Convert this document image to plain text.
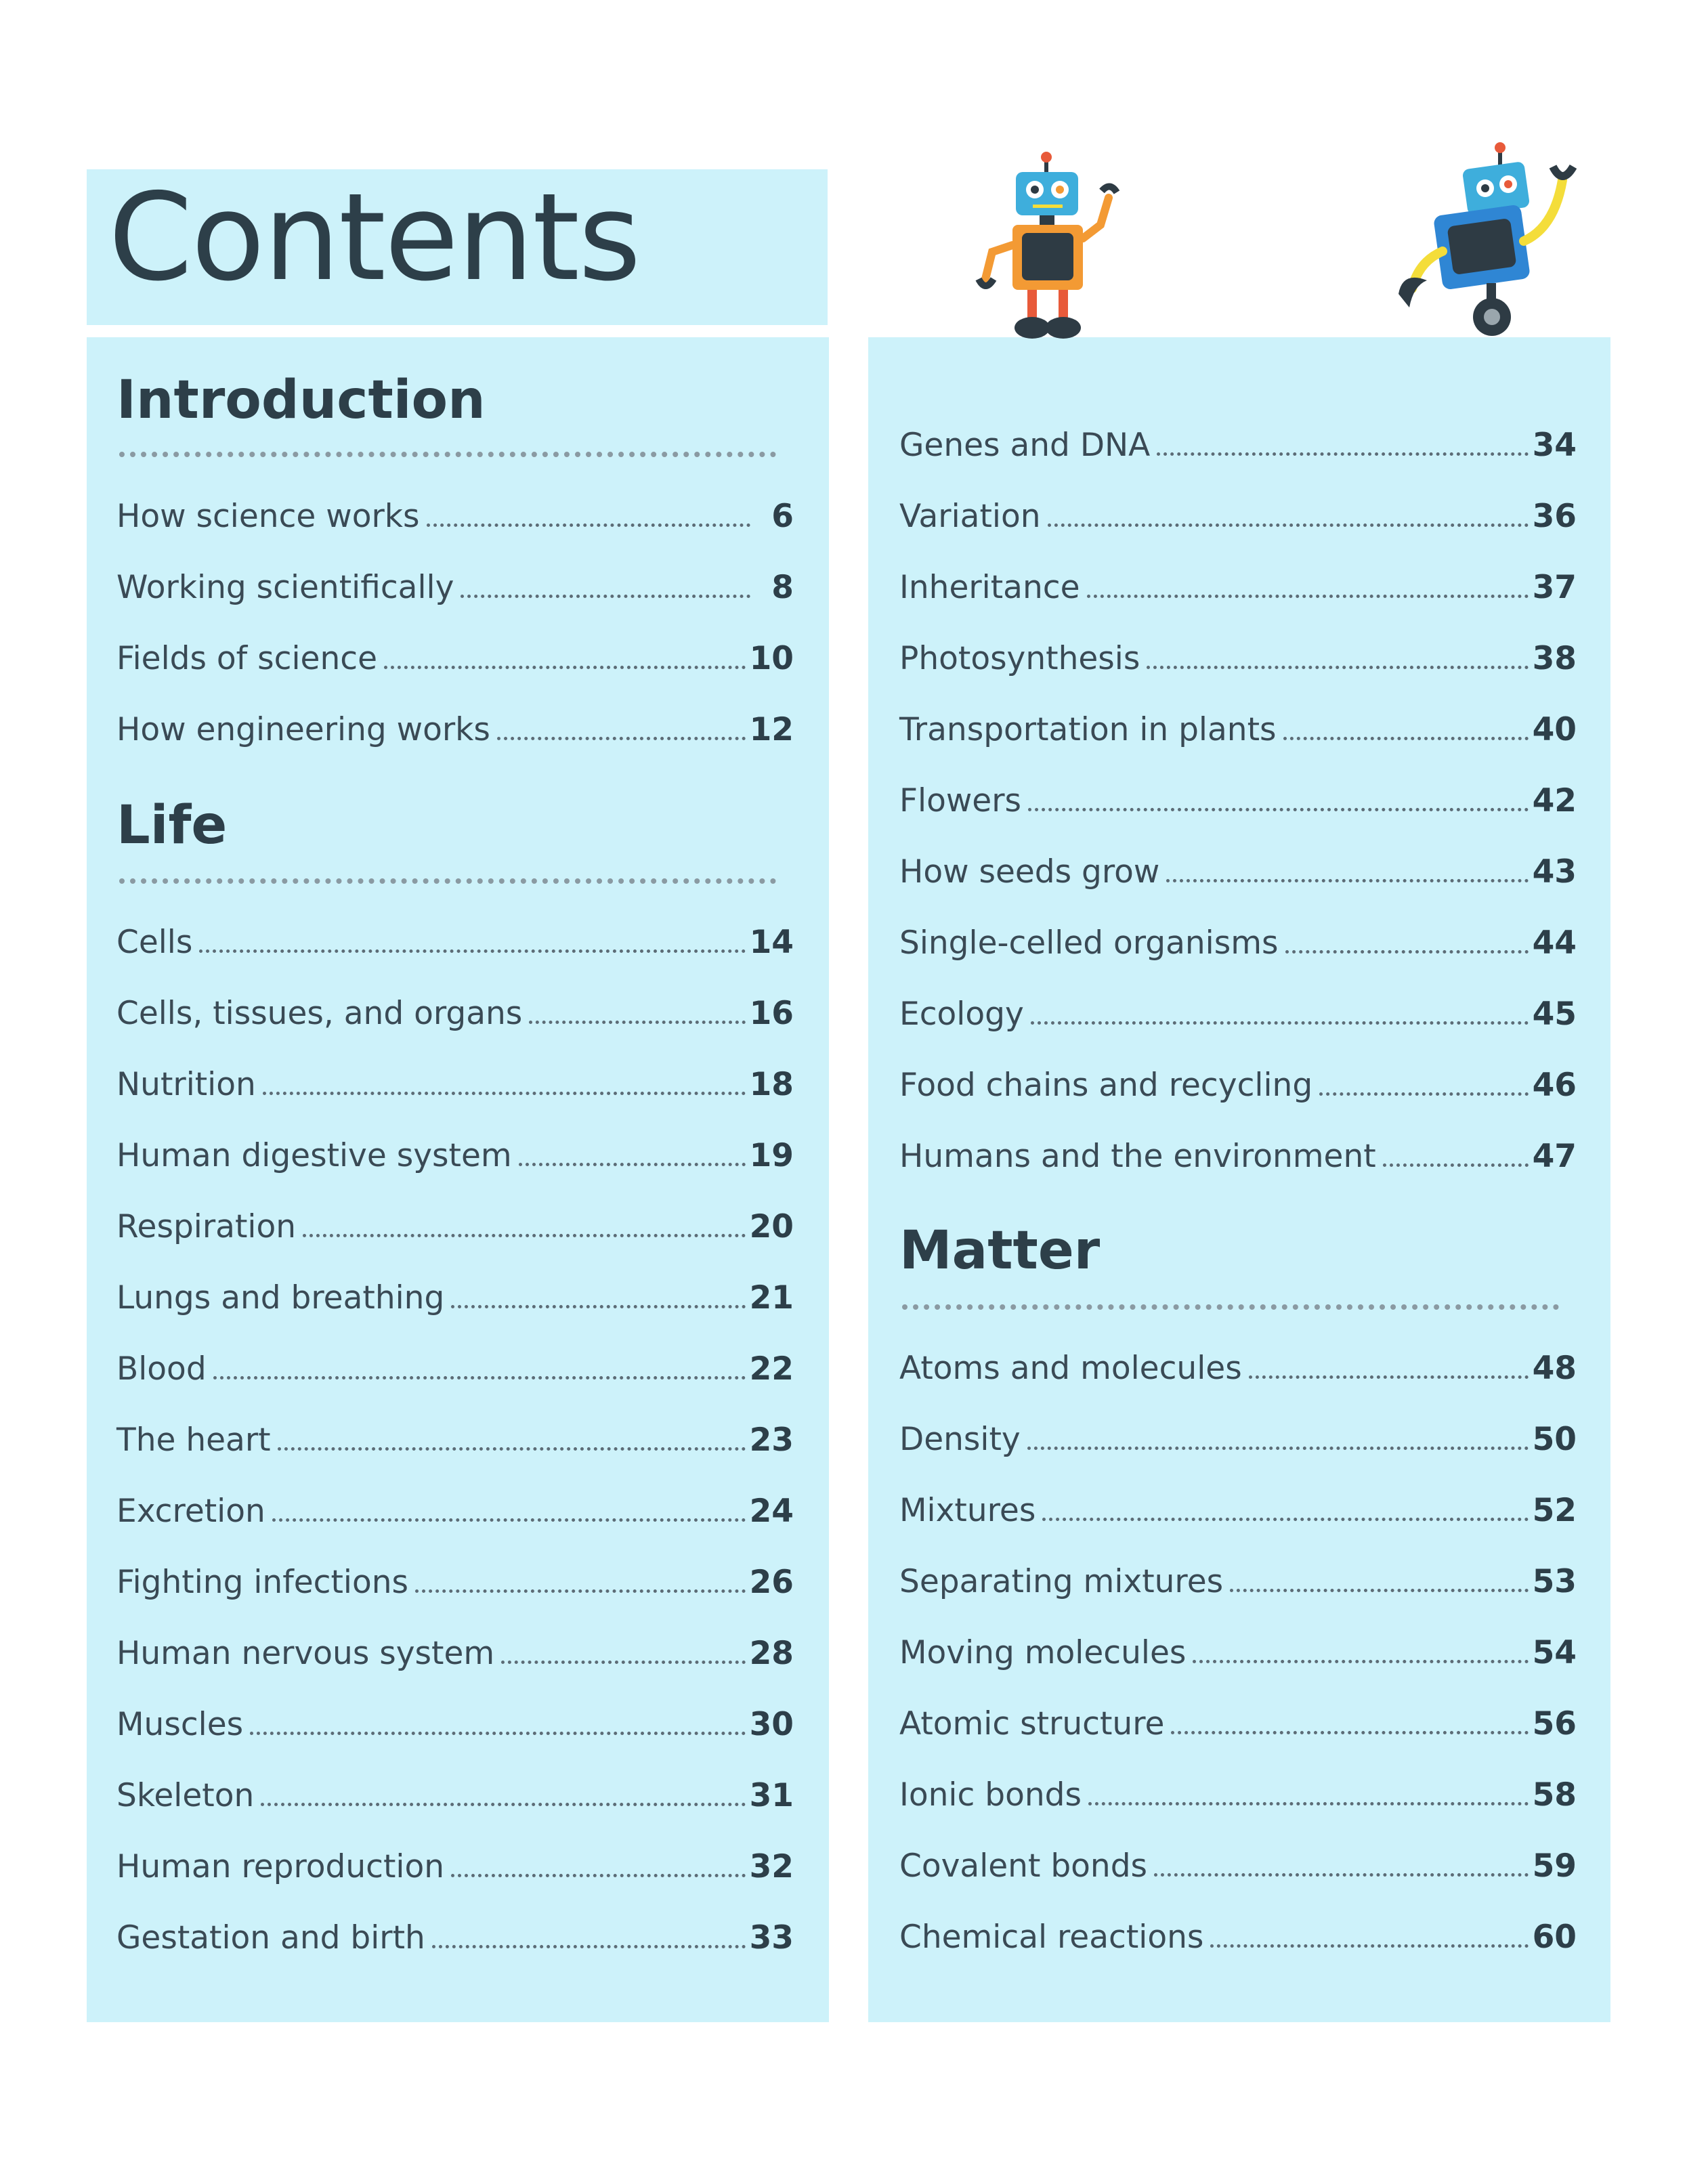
Contents
Introduction
How science works	6
Working scientifically	8
Fields of science	10
How engineering works	12
Life
Cells	14
Cells, tissues, and organs	16
Nutrition	18
Human digestive system	19
Respiration	20
Lungs and breathing	21
Blood	22
The heart	23
Excretion	24
Fighting infections	26
Human nervous system	28
Muscles	30
Skeleton	31
Human reproduction	32
Gestation and birth	33
Genes and DNA	34
Variation	36
Inheritance	37
Photosynthesis	38
Transportation in plants	40
Flowers	42
How seeds grow	43
Single-celled organisms	44
Ecology	45
Food chains and recycling	46
Humans and the environment	47
Matter
Atoms and molecules	48
Density	50
Mixtures	52
Separating mixtures	53
Moving molecules	54
Atomic structure	56
Ionic bonds	58
Covalent bonds	59
Chemical reactions	60
